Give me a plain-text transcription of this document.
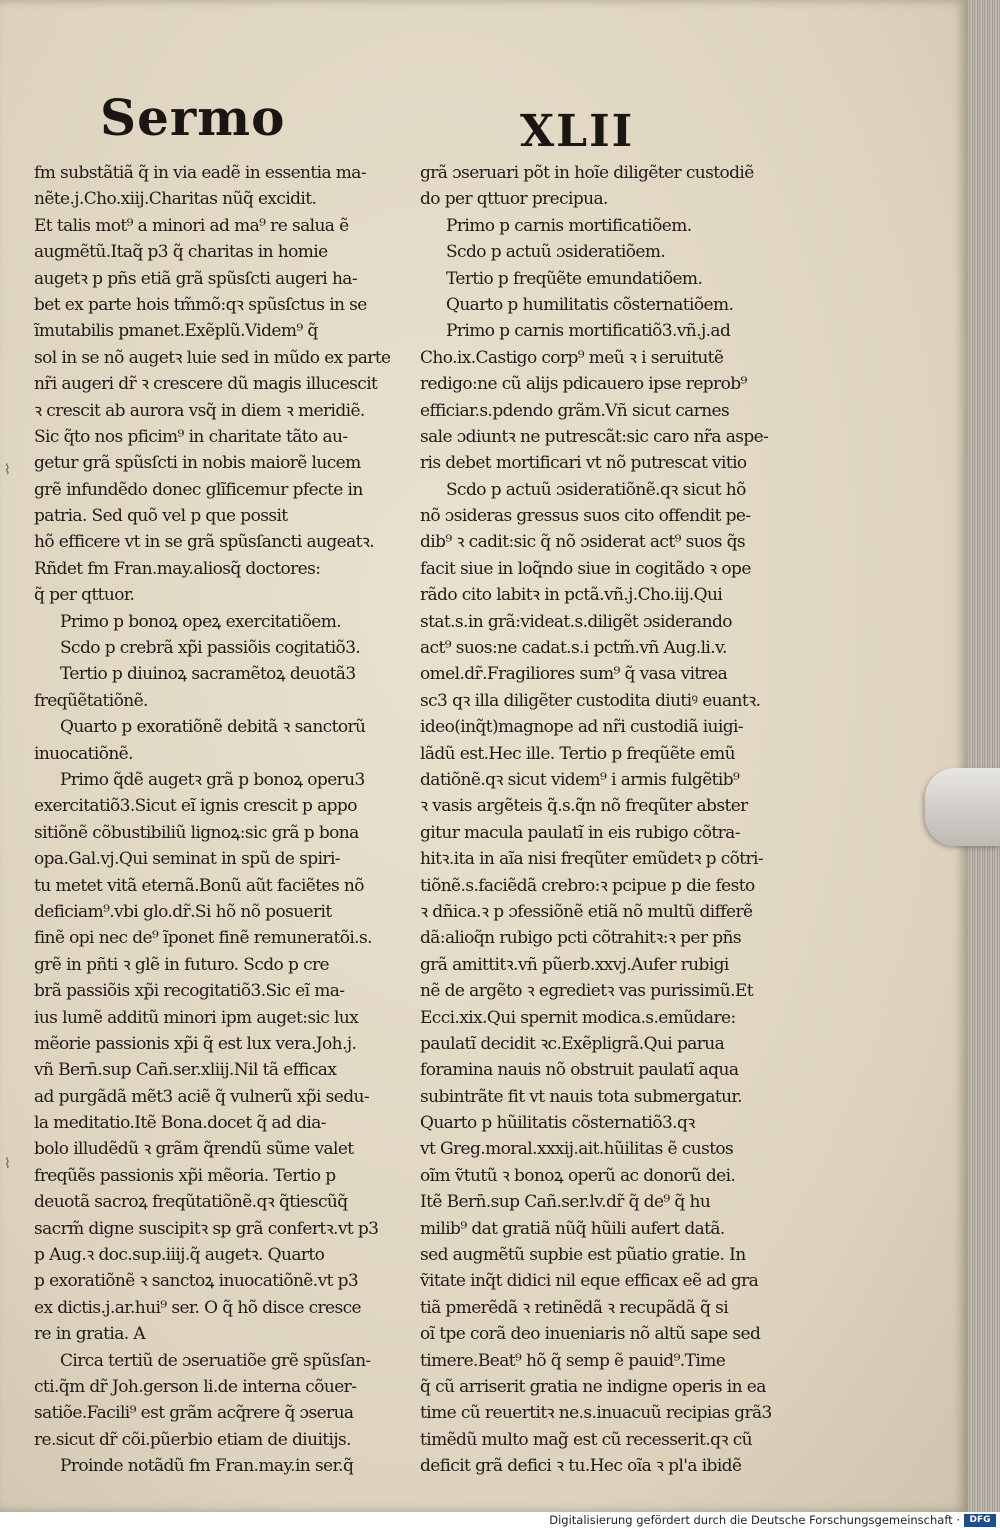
Sermo	XLII
⌇
⌇
fm substãtiã q̃ in via eadẽ in essentia ma-
nẽte.j.Cho.xiij.Charitas nũq̃ excidit.
Et talis mot⁹ a minori ad ma⁹ re salua ẽ
augmẽtũ.Itaq̃ p3 q̃ charitas in homie
augetꝛ p pñs etiã grã spũsſcti augeri ha-
bet ex parte hois tm̃mõ:qꝛ spũsſctus in se
ĩmutabilis pmanet.Exẽplũ.Videm⁹ q̃
sol in se nõ augetꝛ luie sed in mũdo ex parte
nr̃i augeri dr̃ ꝛ crescere dũ magis illucescit
ꝛ crescit ab aurora vsq̃ in diem ꝛ meridiẽ.
Sic q̃to nos pficim⁹ in charitate tãto au-
getur grã spũsſcti in nobis maiorẽ lucem
grẽ infundẽdo donec glĩficemur pfecte in
patria. Sed quõ vel p que possit
hõ efficere vt in se grã spũsſancti augeatꝛ.
Rñdet fm Fran.may.aliosq̃ doctores:
q̃ per qttuor.
Primo p bonoꝝ opeꝝ exercitatiõem.
Scdo p crebrã xp̃i passiõis cogitatiõ3.
Tertio p diuinoꝝ sacramẽtoꝝ deuotã3
freqũẽtatiõnẽ.
Quarto p exoratiõnẽ debitã ꝛ sanctorũ
inuocatiõnẽ.
Primo q̃dẽ augetꝛ grã p bonoꝝ operu3
exercitatiõ3.Sicut eĩ ignis crescit p appo
sitiõnẽ cõbustibiliũ lignoꝝ:sic grã p bona
opa.Gal.vj.Qui seminat in spũ de spiri-
tu metet vitã eternã.Bonũ aũt faciẽtes nõ
deficiam⁹.vbi glo.dr̃.Si hõ nõ posuerit
finẽ opi nec de⁹ ĩponet finẽ remuneratõi.s.
grẽ in pñti ꝛ glẽ in futuro. Scdo p cre
brã passiõis xp̃i recogitatiõ3.Sic eĩ ma-
ius lumẽ additũ minori ipm auget:sic lux
mẽorie passionis xp̃i q̃ est lux vera.Joh.j.
vñ Bern̄.sup Cañ.ser.xliij.Nil tã efficax
ad purgãdã mẽt3 aciẽ q̃ vulnerũ xp̃i sedu-
la meditatio.Itẽ Bona.docet q̃ ad dia-
bolo illudẽdũ ꝛ grãm q̃rendũ sũme valet
freqũẽs passionis xp̃i mẽoria. Tertio p
deuotã sacroꝝ freqũtatiõnẽ.qꝛ q̃tiescũq̃
sacrm̃ digne suscipitꝛ sp grã confertꝛ.vt p3
p Aug.ꝛ doc.sup.iiij.q̃ augetꝛ. Quarto
p exoratiõnẽ ꝛ sanctoꝝ inuocatiõnẽ.vt p3
ex dictis.j.ar.hui⁹ ser. O q̃ hõ disce cresce
re in gratia. A
Circa tertiũ de ɔseruatiõe grẽ spũsſan-
cti.q̃m dr̃ Joh.gerson li.de interna cõuer-
satiõe.Facili⁹ est grãm acq̃rere q̃ ɔserua
re.sicut dr̃ cõi.pũerbio etiam de diuitijs.
Proinde notãdũ fm Fran.may.in ser.q̃
grã ɔseruari põt in hoĩe diligẽter custodiẽ
do per qttuor precipua.
Primo p carnis mortificatiõem.
Scdo p actuũ ɔsideratiõem.
Tertio p freqũẽte emundatiõem.
Quarto p humilitatis cõsternatiõem.
Primo p carnis mortificatiõ3.vñ.j.ad
Cho.ix.Castigo corp⁹ meũ ꝛ i seruitutẽ
redigo:ne cũ alijs pdicauero ipse reprob⁹
efficiar.s.pdendo grãm.Vñ sicut carnes
sale ɔdiuntꝛ ne putrescãt:sic caro nr̃a aspe-
ris debet mortificari vt nõ putrescat vitio
Scdo p actuũ ɔsideratiõnẽ.qꝛ sicut hõ
nõ ɔsideras gressus suos cito offendit pe-
dib⁹ ꝛ cadit:sic q̃ nõ ɔsiderat act⁹ suos q̃s
facit siue in loq̃ndo siue in cogitãdo ꝛ ope
rãdo cito labitꝛ in pctã.vñ.j.Cho.iij.Qui
stat.s.in grã:videat.s.diligẽt ɔsiderando
act⁹ suos:ne cadat.s.i pctm̃.vñ Aug.li.v.
omel.dr̃.Fragiliores sum⁹ q̃ vasa vitrea
sc3 qꝛ illa diligẽter custodita diutiꝰ euantꝛ.
ideo(inq̃t)magnope ad nr̃i custodiã iuigi-
lãdũ est.Hec ille. Tertio p freqũẽte emũ
datiõnẽ.qꝛ sicut videm⁹ i armis fulgẽtib⁹
ꝛ vasis argẽteis q̃.s.q̃n nõ freqũter abster
gitur macula paulatĩ in eis rubigo cõtra-
hitꝛ.ita in aĩa nisi freqũter emũdetꝛ p cõtri-
tiõnẽ.s.faciẽdã crebro:ꝛ pcipue p die festo
ꝛ dñica.ꝛ p ɔfessiõnẽ etiã nõ multũ differẽ
dã:alioq̃n rubigo pcti cõtrahitꝛ:ꝛ per pñs
grã amittitꝛ.vñ pũerb.xxvj.Aufer rubigi
nẽ de argẽto ꝛ egredietꝛ vas purissimũ.Et
Ecci.xix.Qui spernit modica.s.emũdare:
paulatĩ decidit ꝛc.Exẽpligrã.Qui parua
foramina nauis nõ obstruit paulatĩ aqua
subintrãte fit vt nauis tota submergatur.
Quarto p hũilitatis cõsternatiõ3.qꝛ
vt Greg.moral.xxxij.ait.hũilitas ẽ custos
oĩm ṽtutũ ꝛ bonoꝝ operũ ac donorũ dei.
Itẽ Bern̄.sup Cañ.ser.lv.dr̃ q̃ de⁹ q̃ hu
milib⁹ dat gratiã nũq̃ hũili aufert datã.
sed augmẽtũ supbie est pũatio gratie. In
ṽitate inq̃t didici nil eque efficax eẽ ad gra
tiã pmerẽdã ꝛ retinẽdã ꝛ recupãdã q̃ si
oĩ tpe corã deo inueniaris nõ altũ sape sed
timere.Beat⁹ hõ q̃ semp ẽ pauid⁹.Time
q̃ cũ arriserit gratia ne indigne operis in ea
time cũ reuertitꝛ ne.s.inuacuũ recipias grã3
timẽdũ multo mag̃ est cũ recesserit.qꝛ cũ
deficit grã defici ꝛ tu.Hec oĩa ꝛ pl'a ibidẽ
Digitalisierung gefördert durch die Deutsche Forschungsgemeinschaft ·	DFG
